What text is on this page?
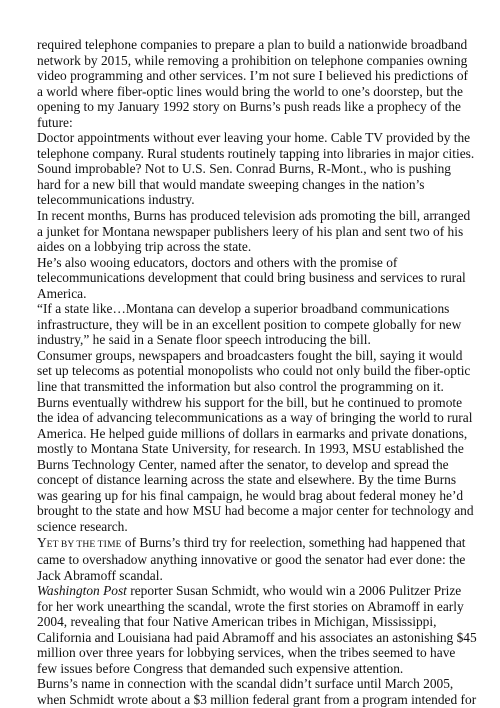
required telephone companies to prepare a plan to build a nationwide broadband network by 2015, while removing a prohibition on telephone companies owning video programming and other services. I’m not sure I believed his predictions of a world where fiber-optic lines would bring the world to one’s doorstep, but the opening to my January 1992 story on Burns’s push reads like a prophecy of the future:

Doctor appointments without ever leaving your home. Cable TV provided by the telephone company. Rural students routinely tapping into libraries in major cities. Sound improbable? Not to U.S. Sen. Conrad Burns, R-Mont., who is pushing hard for a new bill that would mandate sweeping changes in the nation’s telecommunications industry.

In recent months, Burns has produced television ads promoting the bill, arranged a junket for Montana newspaper publishers leery of his plan and sent two of his aides on a lobbying trip across the state.

He’s also wooing educators, doctors and others with the promise of telecommunications development that could bring business and services to rural America.

“If a state like…Montana can develop a superior broadband communications infrastructure, they will be in an excellent position to compete globally for new industry,” he said in a Senate floor speech introducing the bill.

Consumer groups, newspapers and broadcasters fought the bill, saying it would set up telecoms as potential monopolists who could not only build the fiber-optic line that transmitted the information but also control the programming on it. Burns eventually withdrew his support for the bill, but he continued to promote the idea of advancing telecommunications as a way of bringing the world to rural America. He helped guide millions of dollars in earmarks and private donations, mostly to Montana State University, for research. In 1993, MSU established the Burns Technology Center, named after the senator, to develop and spread the concept of distance learning across the state and elsewhere. By the time Burns was gearing up for his final campaign, he would brag about federal money he’d brought to the state and how MSU had become a major center for technology and science research.

YET BY THE TIME of Burns’s third try for reelection, something had happened that came to overshadow anything innovative or good the senator had ever done: the Jack Abramoff scandal.

Washington Post reporter Susan Schmidt, who would win a 2006 Pulitzer Prize for her work unearthing the scandal, wrote the first stories on Abramoff in early 2004, revealing that four Native American tribes in Michigan, Mississippi, California and Louisiana had paid Abramoff and his associates an astonishing $45 million over three years for lobbying services, when the tribes seemed to have few issues before Congress that demanded such expensive attention.

Burns’s name in connection with the scandal didn’t surface until March 2005, when Schmidt wrote about a $3 million federal grant from a program intended for
